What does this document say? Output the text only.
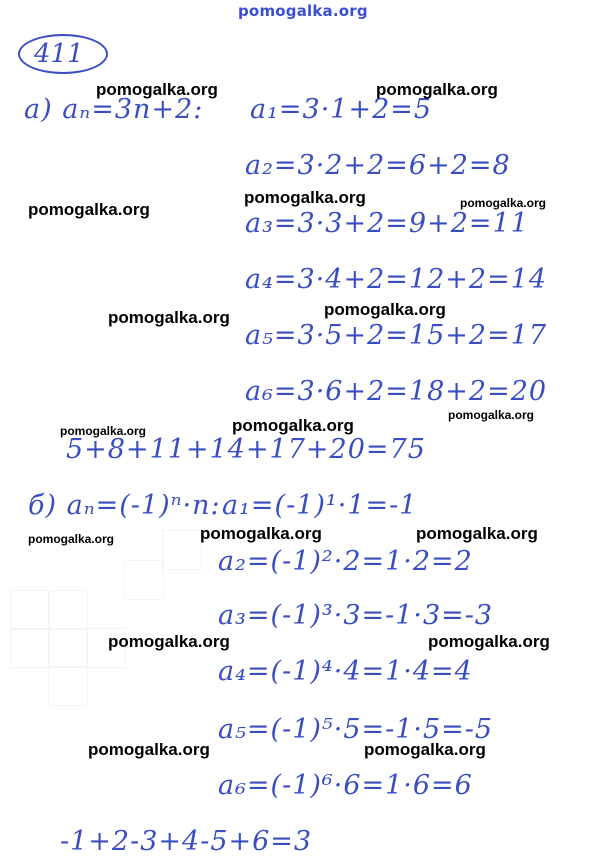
pomogalka.org
411
а) aₙ=3n+2: a₁=3·1+2=5
a₂=3·2+2=6+2=8
a₃=3·3+2=9+2=11
a₄=3·4+2=12+2=14
a₅=3·5+2=15+2=17
a₆=3·6+2=18+2=20
5+8+11+14+17+20=75
б) aₙ=(-1)ⁿ·n: a₁=(-1)¹·1=-1
a₂=(-1)²·2=1·2=2
a₃=(-1)³·3=-1·3=-3
a₄=(-1)⁴·4=1·4=4
a₅=(-1)⁵·5=-1·5=-5
a₆=(-1)⁶·6=1·6=6
-1+2-3+4-5+6=3
pomogalka.org	pomogalka.org
pomogalka.org
pomogalka.org	pomogalka.org
pomogalka.org
pomogalka.org
pomogalka.org
pomogalka.org
pomogalka.org
pomogalka.org	pomogalka.org
pomogalka.org
pomogalka.org	pomogalka.org
pomogalka.org	pomogalka.org
